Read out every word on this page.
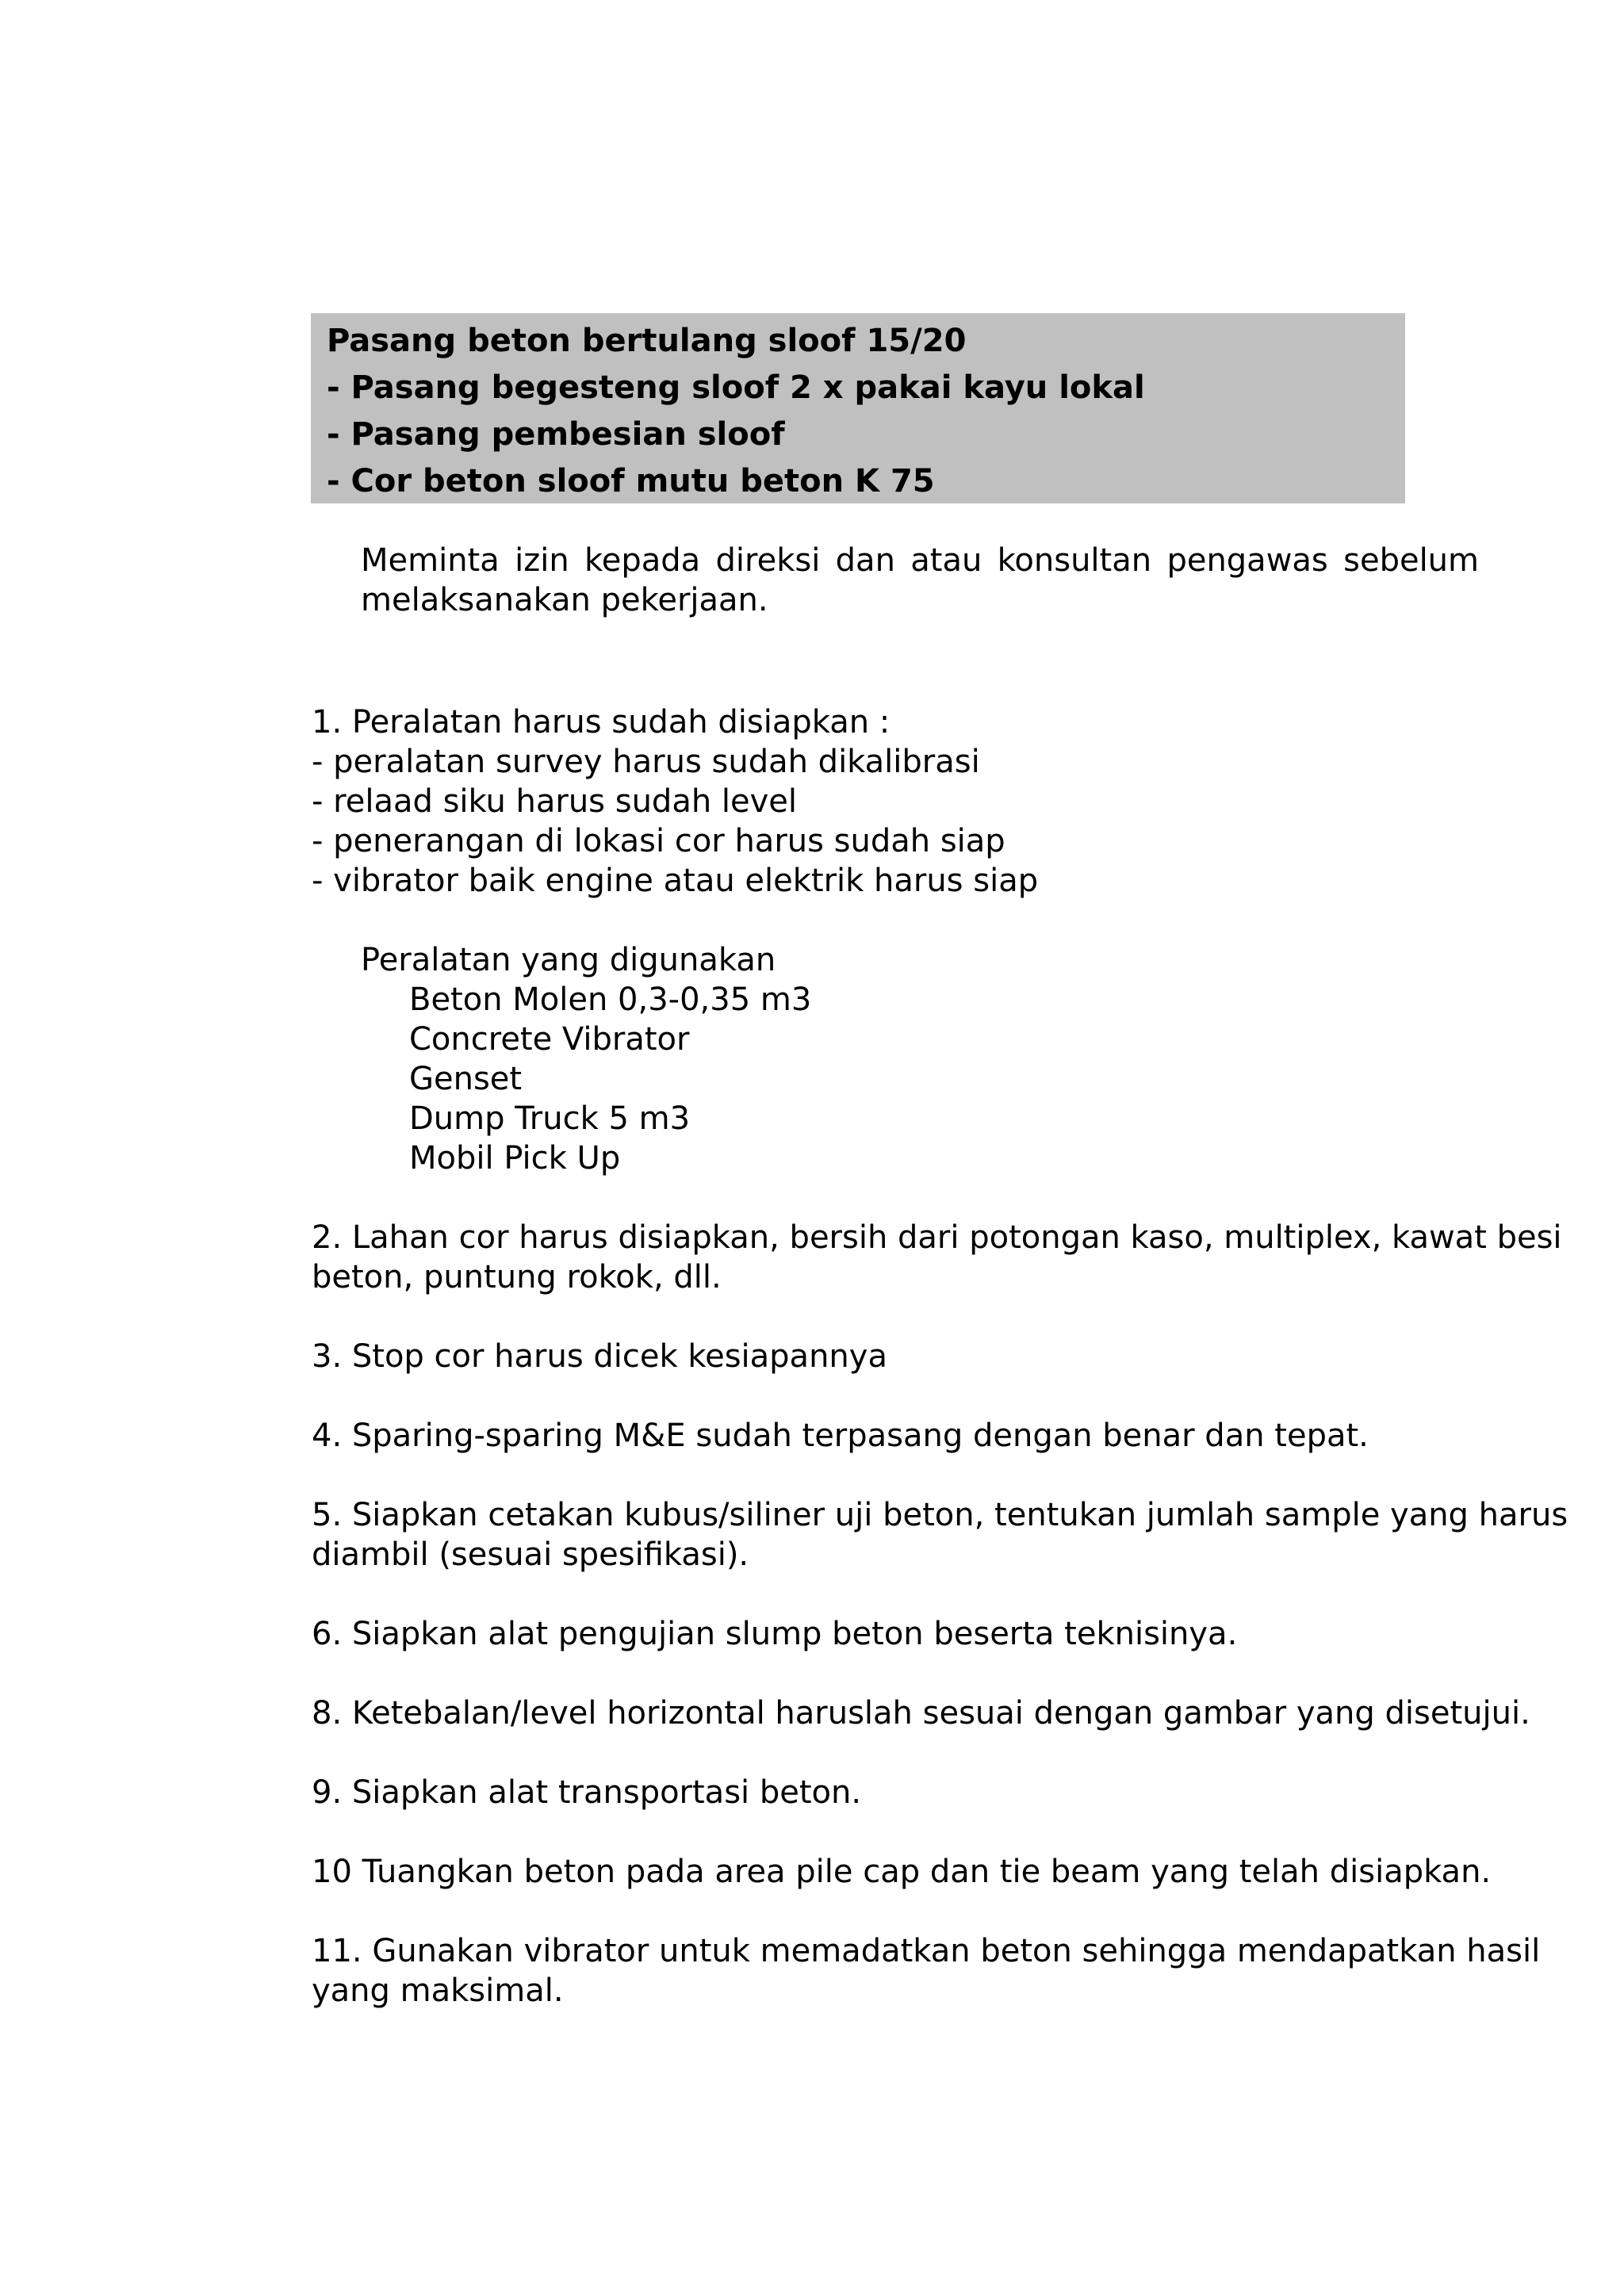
Pasang beton bertulang sloof 15/20
- Pasang begesteng sloof 2 x pakai kayu lokal
- Pasang pembesian sloof
- Cor beton sloof mutu beton K 75
Meminta izin kepada direksi dan atau konsultan pengawas sebelum
melaksanakan pekerjaan.
1. Peralatan harus sudah disiapkan :
- peralatan survey harus sudah dikalibrasi
- relaad siku harus sudah level
- penerangan di lokasi cor harus sudah siap
- vibrator baik engine atau elektrik harus siap
Peralatan yang digunakan
Beton Molen 0,3-0,35 m3
Concrete Vibrator
Genset
Dump Truck 5 m3
Mobil Pick Up
2. Lahan cor harus disiapkan, bersih dari potongan kaso, multiplex, kawat besi
beton, puntung rokok, dll.
3. Stop cor harus dicek kesiapannya
4. Sparing-sparing M&E sudah terpasang dengan benar dan tepat.
5. Siapkan cetakan kubus/siliner uji beton, tentukan jumlah sample yang harus
diambil (sesuai spesifikasi).
6. Siapkan alat pengujian slump beton beserta teknisinya.
8. Ketebalan/level horizontal haruslah sesuai dengan gambar yang disetujui.
9. Siapkan alat transportasi beton.
10 Tuangkan beton pada area pile cap dan tie beam yang telah disiapkan.
11. Gunakan vibrator untuk memadatkan beton sehingga mendapatkan hasil
yang maksimal.
